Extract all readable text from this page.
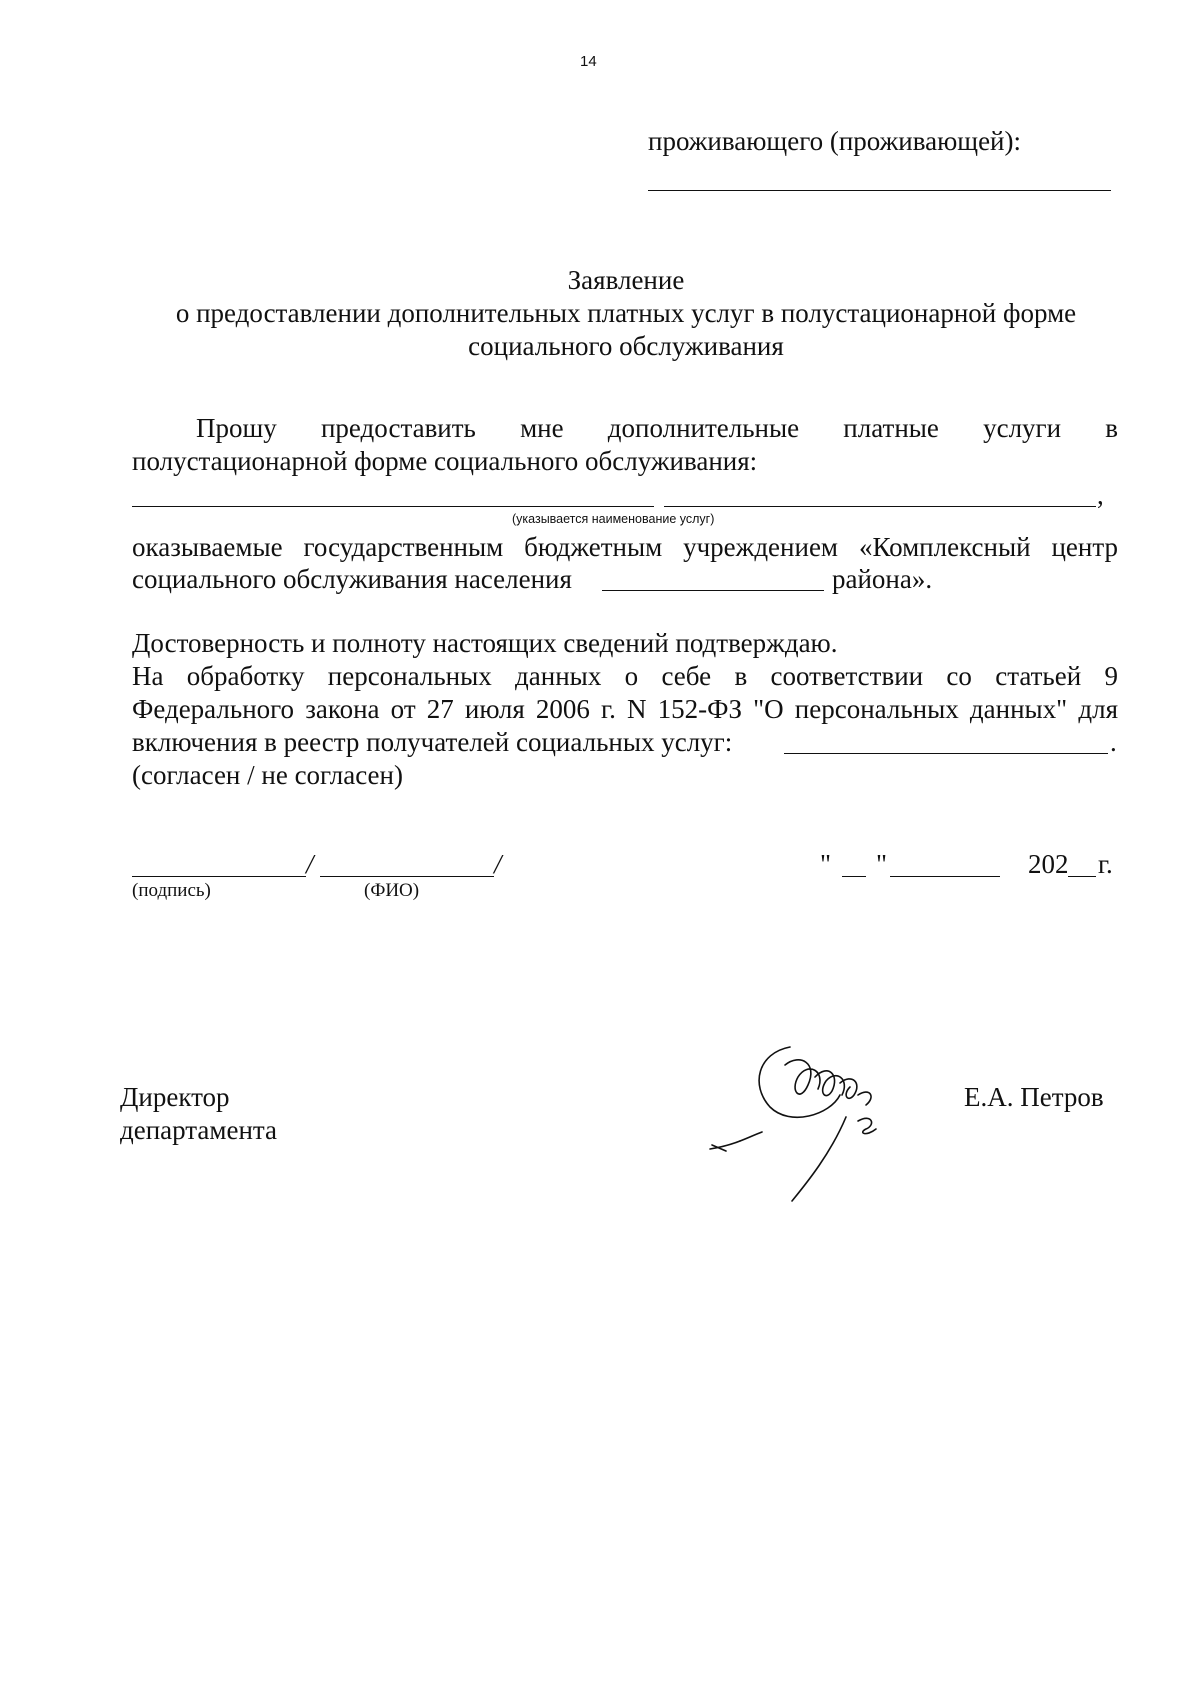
14
проживающего (проживающей):
Заявление
о предоставлении дополнительных платных услуг в полустационарной форме
социального обслуживания
Прошу предоставить мне дополнительные платные услуги в
полустационарной форме социального обслуживания:
,
(указывается наименование услуг)
оказываемые государственным бюджетным учреждением «Комплексный центр
социального обслуживания населения	района».
Достоверность и полноту настоящих сведений подтверждаю.
На обработку персональных данных о себе в соответствии со статьей 9
Федерального закона от 27 июля 2006 г. N 152-ФЗ "О персональных данных" для
включения в реестр получателей социальных услуг:	.
(согласен / не согласен)
/	/
(подпись)	(ФИО)
" "	202 г.
Директор
департамента
Е.А. Петров
